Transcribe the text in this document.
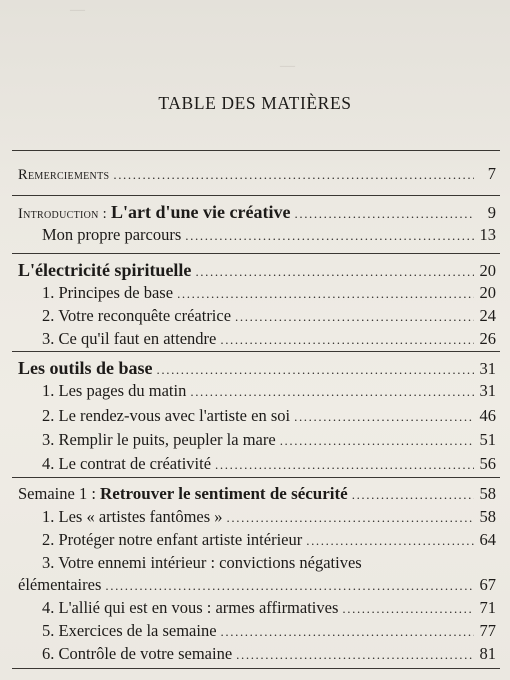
—
—
TABLE DES MATIÈRES
Remerciements .....	7
Introduction : L'art d'une vie créative .....	9
Mon propre parcours .....	13
L'électricité spirituelle .....	20
1. Principes de base .....	20
2. Votre reconquête créatrice .....	24
3. Ce qu'il faut en attendre .....	26
Les outils de base .....	31
1. Les pages du matin .....	31
2. Le rendez-vous avec l'artiste en soi .....	46
3. Remplir le puits, peupler la mare .....	51
4. Le contrat de créativité .....	56
Semaine 1 : Retrouver le sentiment de sécurité .....	58
1. Les « artistes fantômes » .....	58
2. Protéger notre enfant artiste intérieur .....	64
3. Votre ennemi intérieur : convictions négatives
élémentaires .....	67
4. L'allié qui est en vous : armes affirmatives .....	71
5. Exercices de la semaine .....	77
6. Contrôle de votre semaine .....	81
